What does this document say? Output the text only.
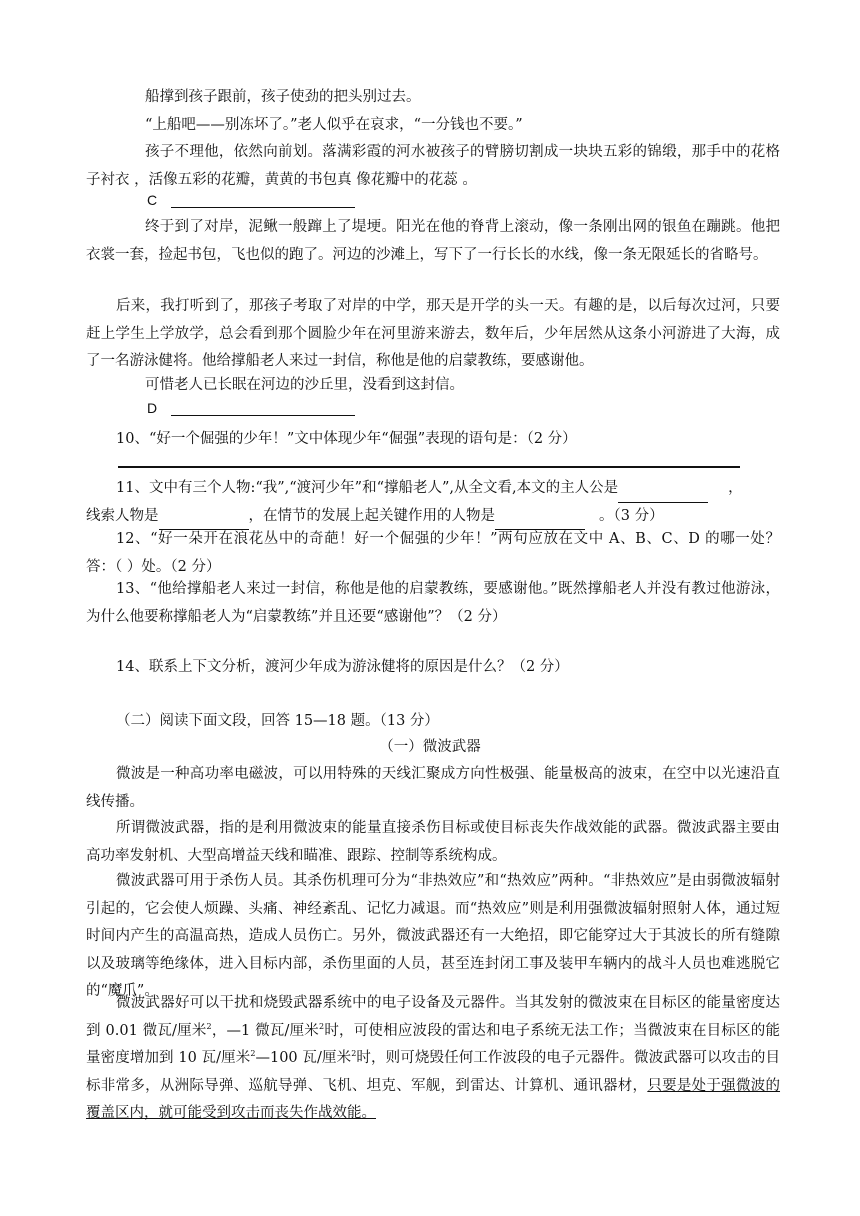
船撑到孩子跟前，孩子使劲的把头别过去。

“上船吧——别冻坏了。”老人似乎在哀求，“一分钱也不要。”

孩子不理他，依然向前划。落满彩霞的河水被孩子的臂膀切割成一块块五彩的锦缎，那手中的花格子衬衣 ，活像五彩的花瓣，黄黄的书包真 像花瓣中的花蕊 。

C

终于到了对岸，泥鳅一般蹿上了堤埂。阳光在他的脊背上滚动，像一条刚出网的银鱼在蹦跳。他把衣裳一套，捡起书包，飞也似的跑了。河边的沙滩上，写下了一行长长的水线，像一条无限延长的省略号。

后来，我打听到了，那孩子考取了对岸的中学，那天是开学的头一天。有趣的是，以后每次过河，只要赶上学生上学放学，总会看到那个圆脸少年在河里游来游去，数年后，少年居然从这条小河游进了大海，成了一名游泳健将。他给撑船老人来过一封信，称他是他的启蒙教练，要感谢他。

可惜老人已长眠在河边的沙丘里，没看到这封信。

D

10、“好一个倔强的少年！”文中体现少年“倔强”表现的语句是：（2 分）

11、文中有三个人物:“我”,“渡河少年”和“撑船老人”,从全文看,本文的主人公是	，
线索人物是	，在情节的发展上起关键作用的人物是	。（3 分）

12、“好一朵开在浪花丛中的奇葩！好一个倔强的少年！”两句应放在文中 A、B、C、D 的哪一处？答：（ ）处。（2 分）

13、“他给撑船老人来过一封信，称他是他的启蒙教练，要感谢他。”既然撑船老人并没有教过他游泳，为什么他要称撑船老人为“启蒙教练”并且还要“感谢他”？（2 分）

14、联系上下文分析，渡河少年成为游泳健将的原因是什么？（2 分）

（二）阅读下面文段，回答 15—18 题。（13 分）

（一）微波武器

微波是一种高功率电磁波，可以用特殊的天线汇聚成方向性极强、能量极高的波束，在空中以光速沿直线传播。

所谓微波武器，指的是利用微波束的能量直接杀伤目标或使目标丧失作战效能的武器。微波武器主要由高功率发射机、大型高增益天线和瞄准、跟踪、控制等系统构成。

微波武器可用于杀伤人员。其杀伤机理可分为“非热效应”和“热效应”两种。“非热效应”是由弱微波辐射引起的，它会使人烦躁、头痛、神经紊乱、记忆力减退。而“热效应”则是利用强微波辐射照射人体，通过短时间内产生的高温高热，造成人员伤亡。另外，微波武器还有一大绝招，即它能穿过大于其波长的所有缝隙以及玻璃等绝缘体，进入目标内部，杀伤里面的人员，甚至连封闭工事及装甲车辆内的战斗人员也难逃脱它的“魔爪”。

微波武器好可以干扰和烧毁武器系统中的电子设备及元器件。当其发射的微波束在目标区的能量密度达到 0.01 微瓦/厘米$^2$，—1 微瓦/厘米$^2$时，可使相应波段的雷达和电子系统无法工作；当微波束在目标区的能量密度增加到 10 瓦/厘米$^2$—100 瓦/厘米$^2$时，则可烧毁任何工作波段的电子元器件。微波武器可以攻击的目标非常多，从洲际导弹、巡航导弹、飞机、坦克、军舰，到雷达、计算机、通讯器材，只要是处于强微波的覆盖区内，就可能受到攻击而丧失作战效能。
